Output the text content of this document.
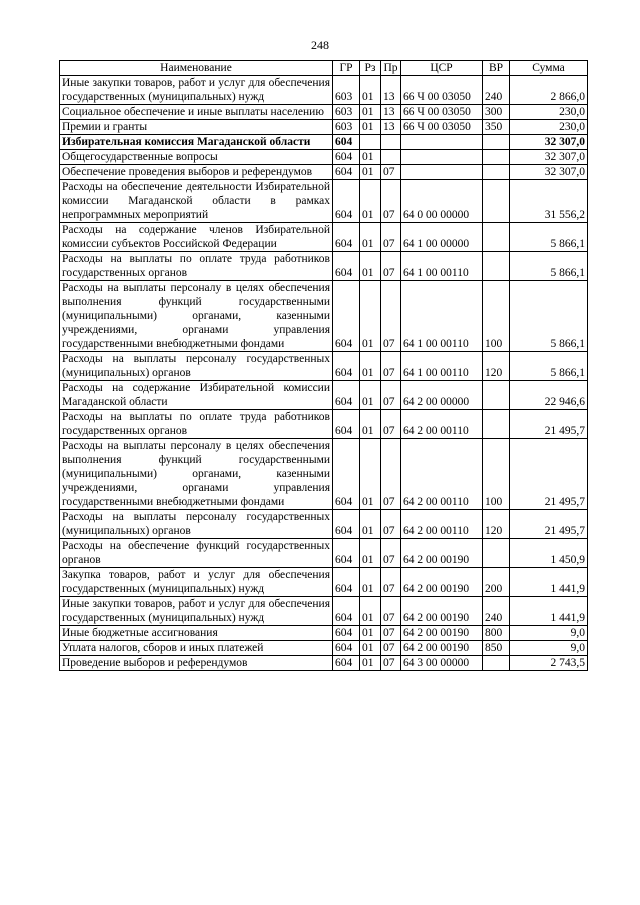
248
Наименование	ГР	Рз	Пр	ЦСР	ВР	Сумма
Иные закупки товаров, работ и услуг для обеспечения государственных (муниципальных) нужд	603	01	13	66 Ч 00 03050	240	2 866,0
Социальное обеспечение и иные выплаты населению	603	01	13	66 Ч 00 03050	300	230,0
Премии и гранты	603	01	13	66 Ч 00 03050	350	230,0
Избирательная комиссия Магаданской области	604					32 307,0
Общегосударственные вопросы	604	01				32 307,0
Обеспечение проведения выборов и референдумов	604	01	07			32 307,0
Расходы на обеспечение деятельности Избирательной комиссии Магаданской области в рамках непрограммных мероприятий	604	01	07	64 0 00 00000		31 556,2
Расходы на содержание членов Избирательной комиссии субъектов Российской Федерации	604	01	07	64 1 00 00000		5 866,1
Расходы на выплаты по оплате труда работников государственных органов	604	01	07	64 1 00 00110		5 866,1
Расходы на выплаты персоналу в целях обеспечения выполнения функций государственными (муниципальными) органами, казенными учреждениями, органами управления государственными внебюджетными фондами	604	01	07	64 1 00 00110	100	5 866,1
Расходы на выплаты персоналу государственных (муниципальных) органов	604	01	07	64 1 00 00110	120	5 866,1
Расходы на содержание Избирательной комиссии Магаданской области	604	01	07	64 2 00 00000		22 946,6
Расходы на выплаты по оплате труда работников государственных органов	604	01	07	64 2 00 00110		21 495,7
Расходы на выплаты персоналу в целях обеспечения выполнения функций государственными (муниципальными) органами, казенными учреждениями, органами управления государственными внебюджетными фондами	604	01	07	64 2 00 00110	100	21 495,7
Расходы на выплаты персоналу государственных (муниципальных) органов	604	01	07	64 2 00 00110	120	21 495,7
Расходы на обеспечение функций государственных органов	604	01	07	64 2 00 00190		1 450,9
Закупка товаров, работ и услуг для обеспечения государственных (муниципальных) нужд	604	01	07	64 2 00 00190	200	1 441,9
Иные закупки товаров, работ и услуг для обеспечения государственных (муниципальных) нужд	604	01	07	64 2 00 00190	240	1 441,9
Иные бюджетные ассигнования	604	01	07	64 2 00 00190	800	9,0
Уплата налогов, сборов и иных платежей	604	01	07	64 2 00 00190	850	9,0
Проведение выборов и референдумов	604	01	07	64 3 00 00000		2 743,5
